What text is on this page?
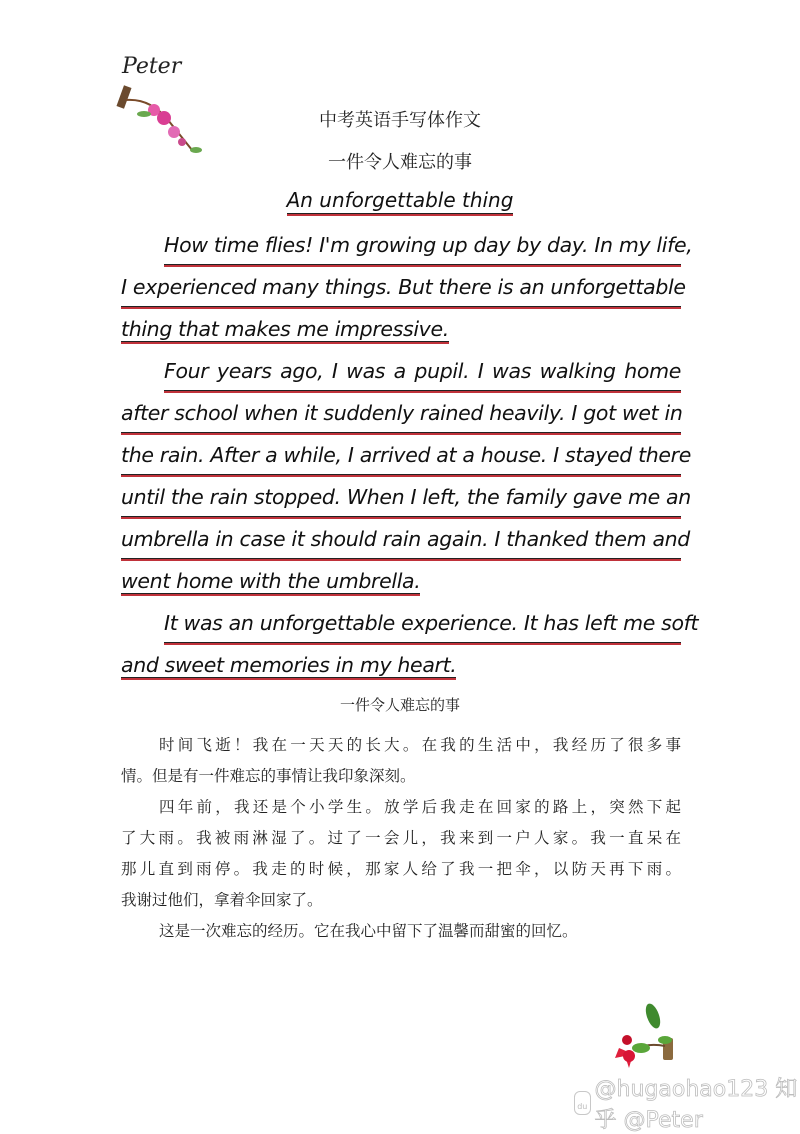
Peter
中考英语手写体作文
一件令人难忘的事
An unforgettable thing
How time flies! I'm growing up day by day. In my life,
I experienced many things. But there is an unforgettable
thing that makes me impressive.
Four years ago, I was a pupil. I was walking home
after school when it suddenly rained heavily. I got wet in
the rain. After a while, I arrived at a house. I stayed there
until the rain stopped. When I left, the family gave me an
umbrella in case it should rain again. I thanked them and
went home with the umbrella.
It was an unforgettable experience. It has left me soft
and sweet memories in my heart.
一件令人难忘的事
时间飞逝！我在一天天的长大。在我的生活中，我经历了很多事
情。但是有一件难忘的事情让我印象深刻。
四年前，我还是个小学生。放学后我走在回家的路上，突然下起
了大雨。我被雨淋湿了。过了一会儿，我来到一户人家。我一直呆在
那儿直到雨停。我走的时候，那家人给了我一把伞，以防天再下雨。
我谢过他们，拿着伞回家了。
这是一次难忘的经历。它在我心中留下了温馨而甜蜜的回忆。
du
@hugaohao123 知乎 @Peter
